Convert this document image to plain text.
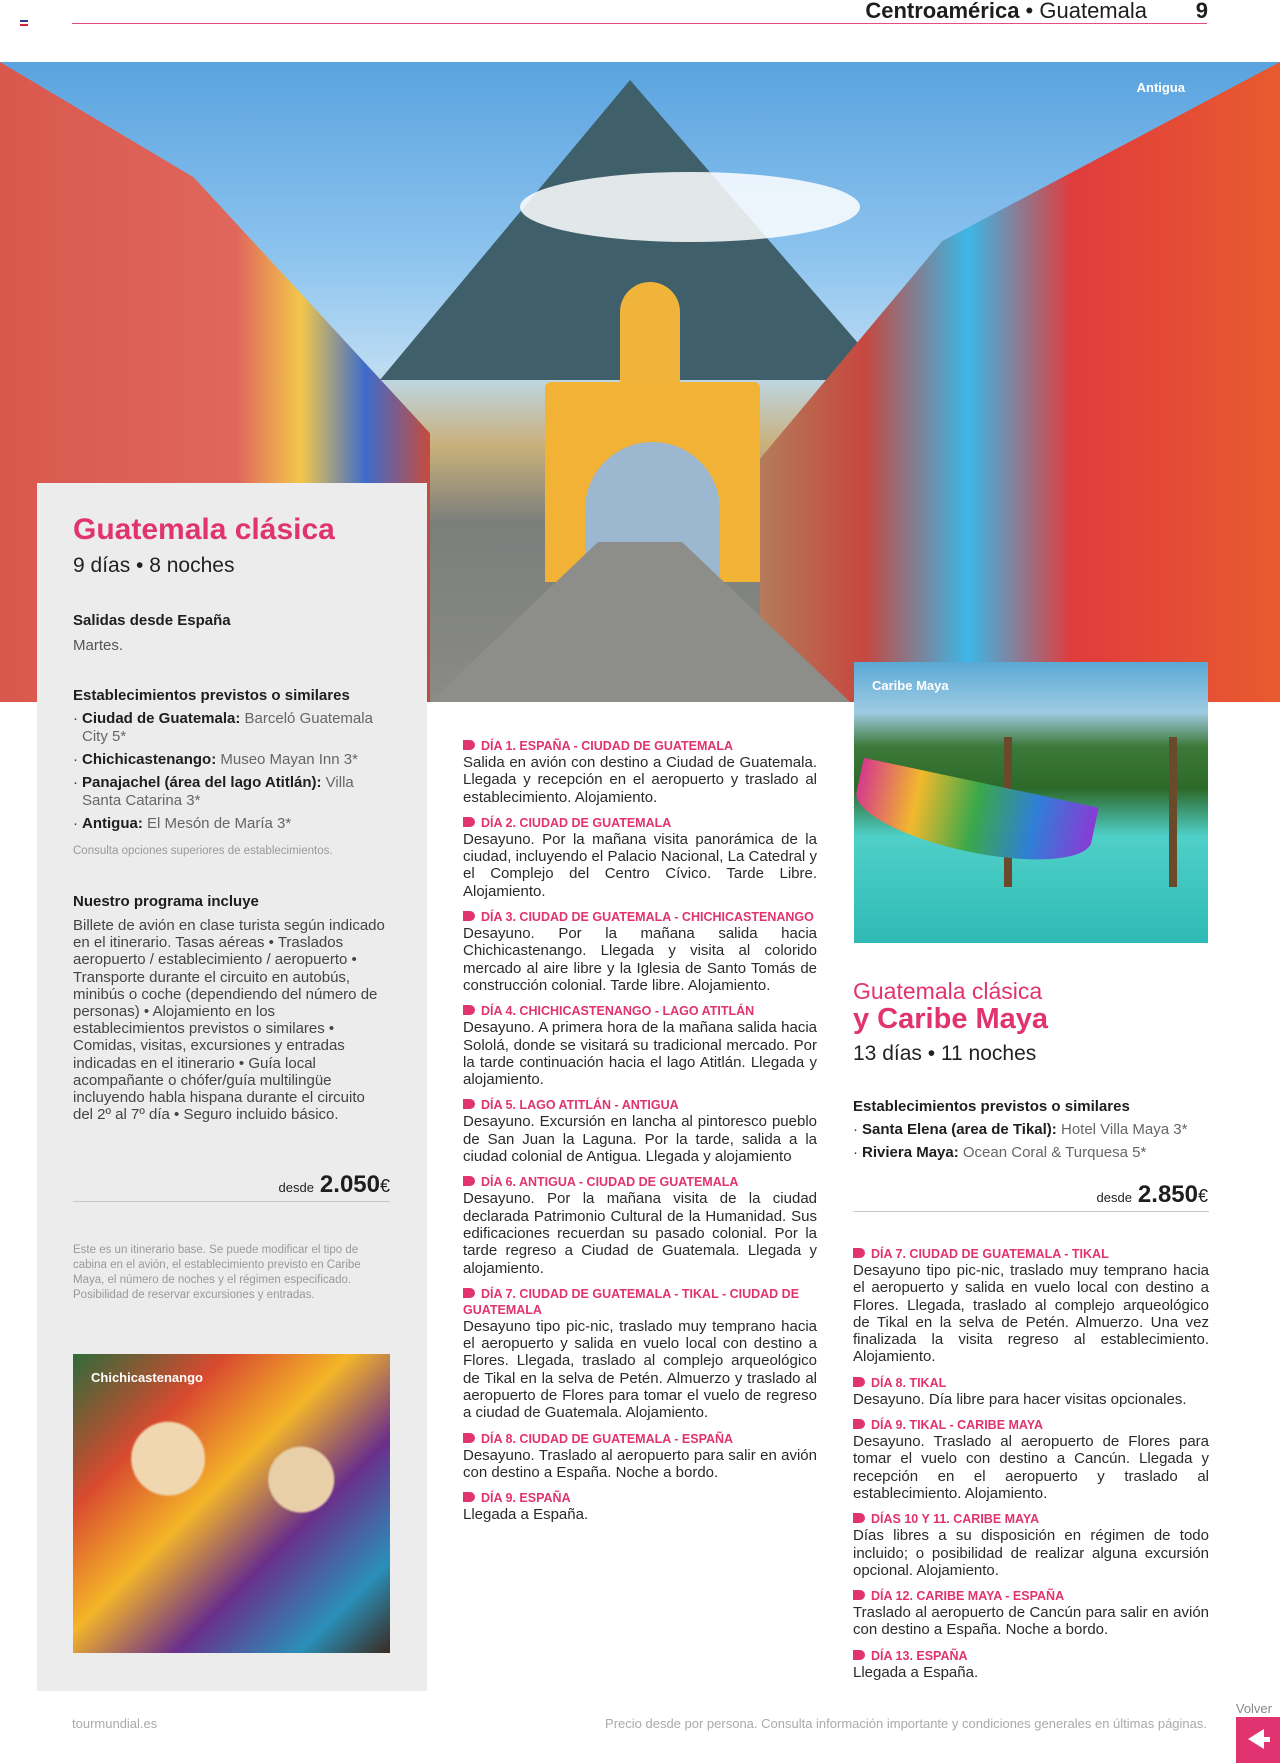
Centroamérica • Guatemala 9
Antigua
Guatemala clásica
9 días • 8 noches
Salidas desde España
Martes.
Establecimientos previstos o similares
· Ciudad de Guatemala: Barceló Guatemala City 5*
· Chichicastenango: Museo Mayan Inn 3*
· Panajachel (área del lago Atitlán): Villa Santa Catarina 3*
· Antigua: El Mesón de María 3*
Consulta opciones superiores de establecimientos.
Nuestro programa incluye
Billete de avión en clase turista según indicado en el itinerario. Tasas aéreas • Traslados aeropuerto / establecimiento / aeropuerto • Transporte durante el circuito en autobús, minibús o coche (dependiendo del número de personas) • Alojamiento en los establecimientos previstos o similares • Comidas, visitas, excursiones y entradas indicadas en el itinerario • Guía local acompañante o chófer/guía multilingüe incluyendo habla hispana durante el circuito del 2º al 7º día • Seguro incluido básico.
desde 2.050€
Este es un itinerario base. Se puede modificar el tipo de cabina en el avión, el establecimiento previsto en Caribe Maya, el número de noches y el régimen especificado. Posibilidad de reservar excursiones y entradas.
Chichicastenango
DÍA 1. ESPAÑA - CIUDAD DE GUATEMALA
Salida en avión con destino a Ciudad de Guatemala. Llegada y recepción en el aeropuerto y traslado al establecimiento. Alojamiento.
DÍA 2. CIUDAD DE GUATEMALA
Desayuno. Por la mañana visita panorámica de la ciudad, incluyendo el Palacio Nacional, La Catedral y el Complejo del Centro Cívico. Tarde Libre. Alojamiento.
DÍA 3. CIUDAD DE GUATEMALA - CHICHICASTENANGO
Desayuno. Por la mañana salida hacia Chichicastenango. Llegada y visita al colorido mercado al aire libre y la Iglesia de Santo Tomás de construcción colonial. Tarde libre. Alojamiento.
DÍA 4. CHICHICASTENANGO - LAGO ATITLÁN
Desayuno. A primera hora de la mañana salida hacia Sololá, donde se visitará su tradicional mercado. Por la tarde continuación hacia el lago Atitlán. Llegada y alojamiento.
DÍA 5. LAGO ATITLÁN - ANTIGUA
Desayuno. Excursión en lancha al pintoresco pueblo de San Juan la Laguna. Por la tarde, salida a la ciudad colonial de Antigua. Llegada y alojamiento
DÍA 6. ANTIGUA - CIUDAD DE GUATEMALA
Desayuno. Por la mañana visita de la ciudad declarada Patrimonio Cultural de la Humanidad. Sus edificaciones recuerdan su pasado colonial. Por la tarde regreso a Ciudad de Guatemala. Llegada y alojamiento.
DÍA 7. CIUDAD DE GUATEMALA - TIKAL - CIUDAD DE GUATEMALA
Desayuno tipo pic-nic, traslado muy temprano hacia el aeropuerto y salida en vuelo local con destino a Flores. Llegada, traslado al complejo arqueológico de Tikal en la selva de Petén. Almuerzo y traslado al aeropuerto de Flores para tomar el vuelo de regreso a ciudad de Guatemala. Alojamiento.
DÍA 8. CIUDAD DE GUATEMALA - ESPAÑA
Desayuno. Traslado al aeropuerto para salir en avión con destino a España. Noche a bordo.
DÍA 9. ESPAÑA
Llegada a España.
Caribe Maya
Guatemala clásica
y Caribe Maya
13 días • 11 noches
Establecimientos previstos o similares
· Santa Elena (area de Tikal): Hotel Villa Maya 3*
· Riviera Maya: Ocean Coral & Turquesa 5*
desde 2.850€
DÍA 7. CIUDAD DE GUATEMALA - TIKAL
Desayuno tipo pic-nic, traslado muy temprano hacia el aeropuerto y salida en vuelo local con destino a Flores. Llegada, traslado al complejo arqueológico de Tikal en la selva de Petén. Almuerzo. Una vez finalizada la visita regreso al establecimiento. Alojamiento.
DÍA 8. TIKAL
Desayuno. Día libre para hacer visitas opcionales.
DÍA 9. TIKAL - CARIBE MAYA
Desayuno. Traslado al aeropuerto de Flores para tomar el vuelo con destino a Cancún. Llegada y recepción en el aeropuerto y traslado al establecimiento. Alojamiento.
DÍAS 10 Y 11. CARIBE MAYA
Días libres a su disposición en régimen de todo incluido; o posibilidad de realizar alguna excursión opcional. Alojamiento.
DÍA 12. CARIBE MAYA - ESPAÑA
Traslado al aeropuerto de Cancún para salir en avión con destino a España. Noche a bordo.
DÍA 13. ESPAÑA
Llegada a España.
tourmundial.es	Precio desde por persona. Consulta información importante y condiciones generales en últimas páginas.
Volver
